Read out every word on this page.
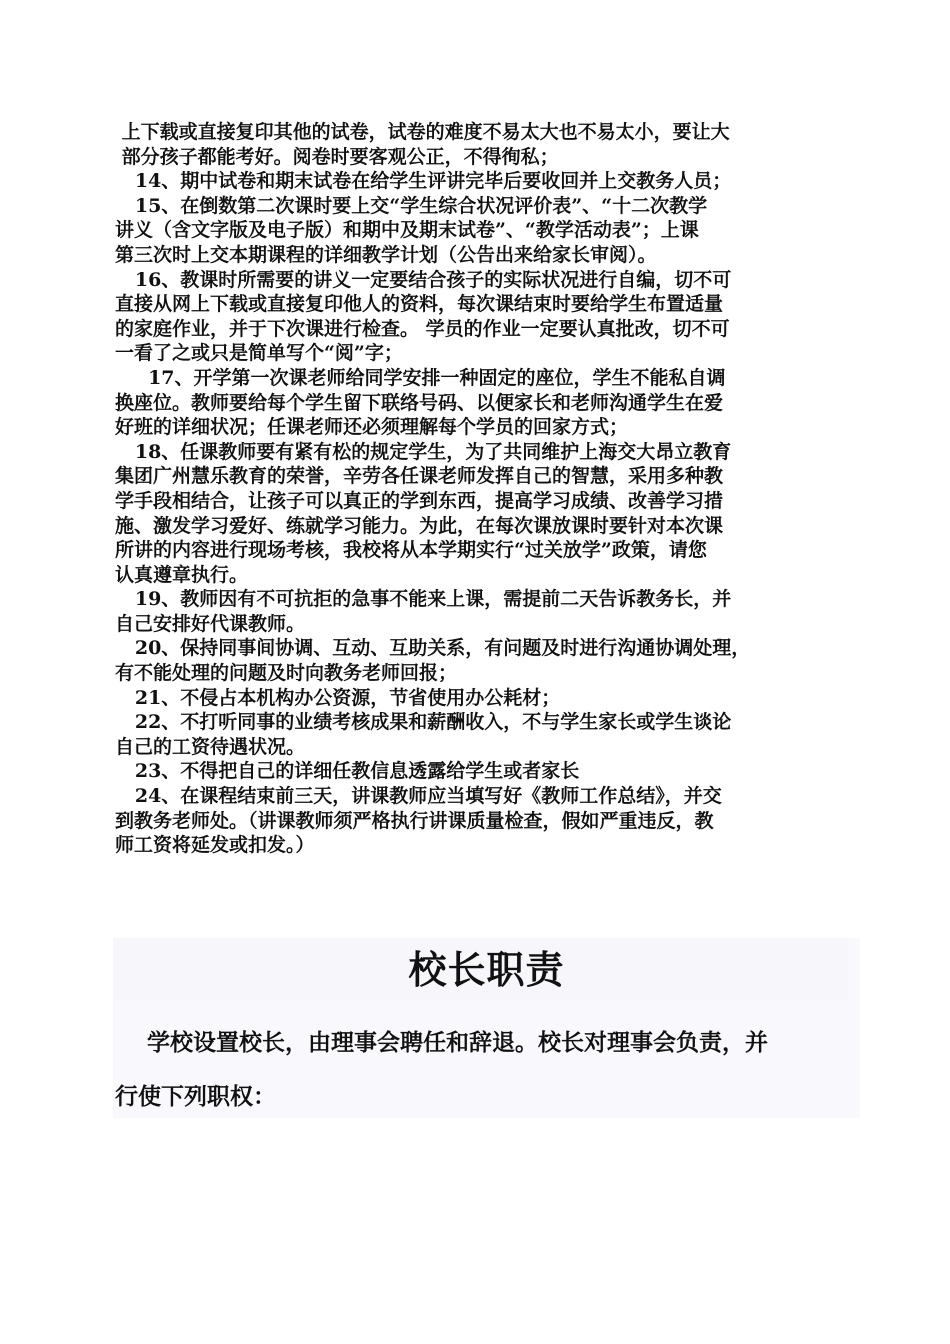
上下载或直接复印其他的试卷，试卷的难度不易太大也不易太小，要让大
部分孩子都能考好。阅卷时要客观公正，不得徇私；
14、期中试卷和期末试卷在给学生评讲完毕后要收回并上交教务人员；
15、在倒数第二次课时要上交“学生综合状况评价表”、“十二次教学
讲义（含文字版及电子版）和期中及期末试卷”、“教学活动表”；上课
第三次时上交本期课程的详细教学计划（公告出来给家长审阅）。
16、教课时所需要的讲义一定要结合孩子的实际状况进行自编，切不可
直接从网上下载或直接复印他人的资料，每次课结束时要给学生布置适量
的家庭作业，并于下次课进行检查。 学员的作业一定要认真批改，切不可
一看了之或只是简单写个“阅”字；
17、开学第一次课老师给同学安排一种固定的座位，学生不能私自调
换座位。教师要给每个学生留下联络号码、以便家长和老师沟通学生在爱
好班的详细状况；任课老师还必须理解每个学员的回家方式；
18、任课教师要有紧有松的规定学生，为了共同维护上海交大昂立教育
集团广州慧乐教育的荣誉，辛劳各任课老师发挥自己的智慧，采用多种教
学手段相结合，让孩子可以真正的学到东西，提高学习成绩、改善学习措
施、激发学习爱好、练就学习能力。为此，在每次课放课时要针对本次课
所讲的内容进行现场考核，我校将从本学期实行“过关放学”政策，请您
认真遵章执行。
19、教师因有不可抗拒的急事不能来上课，需提前二天告诉教务长，并
自己安排好代课教师。
20、保持同事间协调、互动、互助关系，有问题及时进行沟通协调处理，
有不能处理的问题及时向教务老师回报；
21、不侵占本机构办公资源，节省使用办公耗材；
22、不打听同事的业绩考核成果和薪酬收入，不与学生家长或学生谈论
自己的工资待遇状况。
23、不得把自己的详细任教信息透露给学生或者家长
24、在课程结束前三天，讲课教师应当填写好《教师工作总结》，并交
到教务老师处。（讲课教师须严格执行讲课质量检查，假如严重违反，教
师工资将延发或扣发。）
校长职责
学校设置校长，由理事会聘任和辞退。校长对理事会负责，并
行使下列职权：
